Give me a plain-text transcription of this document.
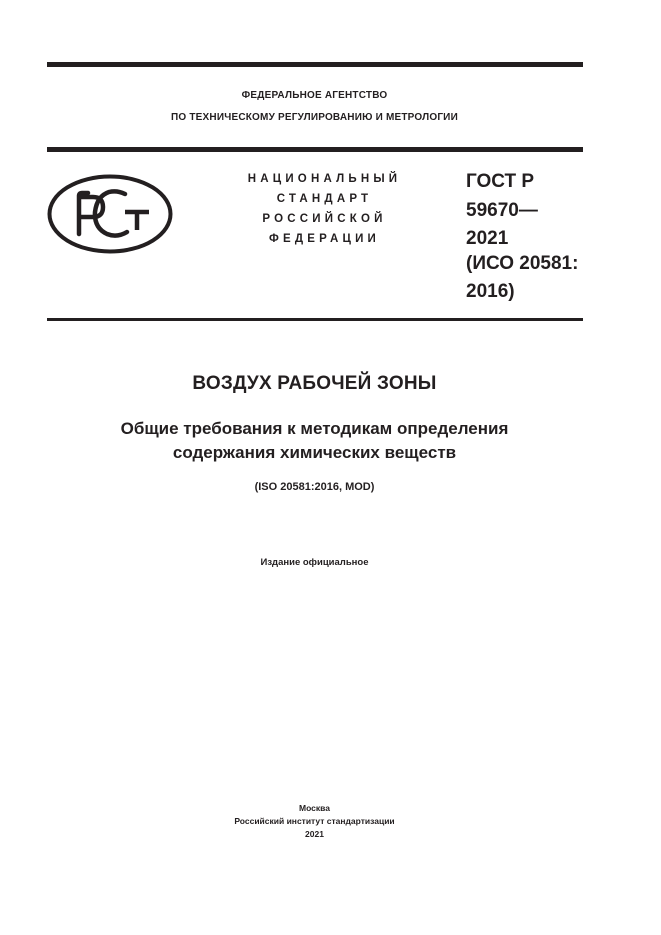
ФЕДЕРАЛЬНОЕ АГЕНТСТВО
ПО ТЕХНИЧЕСКОМУ РЕГУЛИРОВАНИЮ И МЕТРОЛОГИИ
НАЦИОНАЛЬНЫЙ
СТАНДАРТ
РОССИЙСКОЙ
ФЕДЕРАЦИИ
ГОСТ Р
59670—
2021
(ИСО 20581:
2016)
ВОЗДУХ РАБОЧЕЙ ЗОНЫ
Общие требования к методикам определения
содержания химических веществ
(ISO 20581:2016, MOD)
Издание официальное
Москва
Российский институт стандартизации
2021
